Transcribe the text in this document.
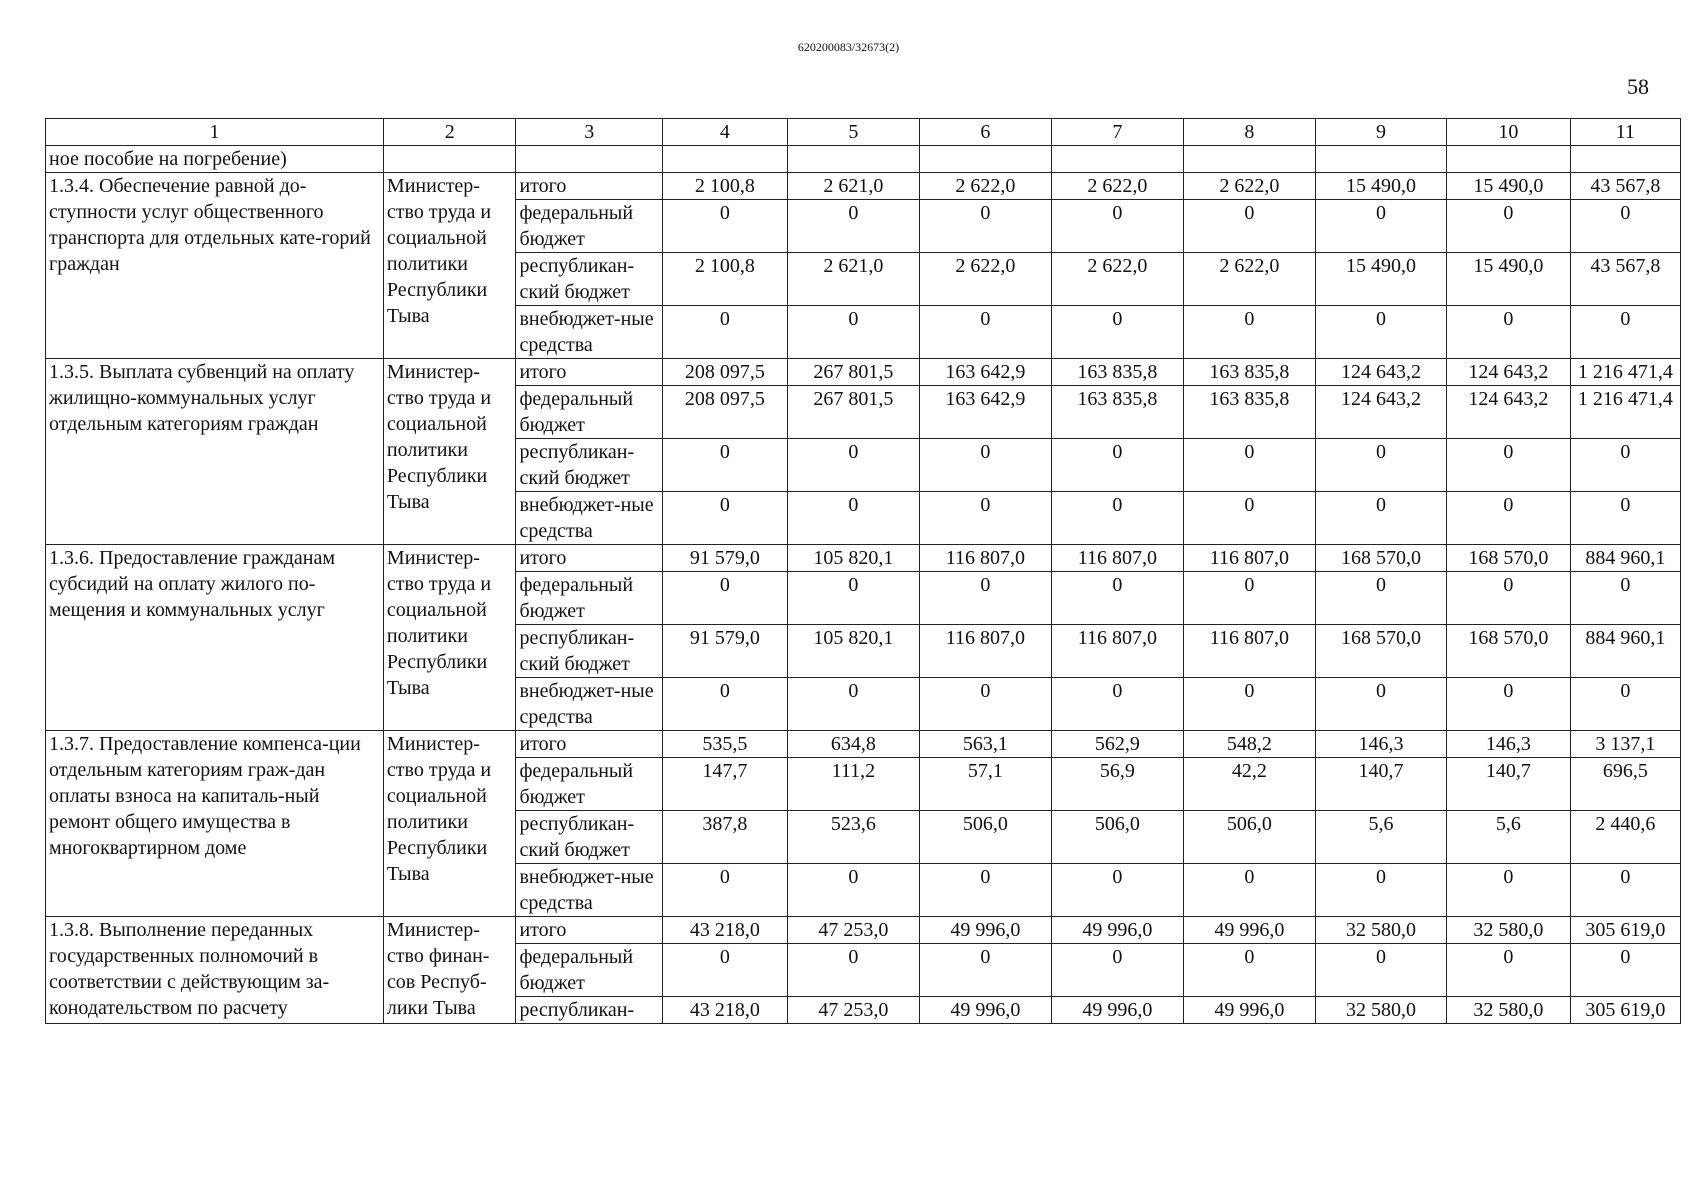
620200083/32673(2)
58
1	2	3	4	5	6	7	8	9	10	11
ное пособие на погребение)										
1.3.4. Обеспечение равной до-ступности услуг общественного транспорта для отдельных кате-горий граждан	Министер-ство труда и социальной политики Республики Тыва	итого	2 100,8	2 621,0	2 622,0	2 622,0	2 622,0	15 490,0	15 490,0	43 567,8
		федеральный бюджет	0	0	0	0	0	0	0	0
		республикан-ский бюджет	2 100,8	2 621,0	2 622,0	2 622,0	2 622,0	15 490,0	15 490,0	43 567,8
		внебюджет-ные средства	0	0	0	0	0	0	0	0
1.3.5. Выплата субвенций на оплату жилищно-коммунальных услуг отдельным категориям граждан	Министер-ство труда и социальной политики Республики Тыва	итого	208 097,5	267 801,5	163 642,9	163 835,8	163 835,8	124 643,2	124 643,2	1 216 471,4
		федеральный бюджет	208 097,5	267 801,5	163 642,9	163 835,8	163 835,8	124 643,2	124 643,2	1 216 471,4
		республикан-ский бюджет	0	0	0	0	0	0	0	0
		внебюджет-ные средства	0	0	0	0	0	0	0	0
1.3.6. Предоставление гражданам субсидий на оплату жилого по-мещения и коммунальных услуг	Министер-ство труда и социальной политики Республики Тыва	итого	91 579,0	105 820,1	116 807,0	116 807,0	116 807,0	168 570,0	168 570,0	884 960,1
		федеральный бюджет	0	0	0	0	0	0	0	0
		республикан-ский бюджет	91 579,0	105 820,1	116 807,0	116 807,0	116 807,0	168 570,0	168 570,0	884 960,1
		внебюджет-ные средства	0	0	0	0	0	0	0	0
1.3.7. Предоставление компенса-ции отдельным категориям граж-дан оплаты взноса на капиталь-ный ремонт общего имущества в многоквартирном доме	Министер-ство труда и социальной политики Республики Тыва	итого	535,5	634,8	563,1	562,9	548,2	146,3	146,3	3 137,1
		федеральный бюджет	147,7	111,2	57,1	56,9	42,2	140,7	140,7	696,5
		республикан-ский бюджет	387,8	523,6	506,0	506,0	506,0	5,6	5,6	2 440,6
		внебюджет-ные средства	0	0	0	0	0	0	0	0
1.3.8. Выполнение переданных государственных полномочий в соответствии с действующим за-конодательством по расчету	Министер-ство финан-сов Респуб-лики Тыва	итого	43 218,0	47 253,0	49 996,0	49 996,0	49 996,0	32 580,0	32 580,0	305 619,0
		федеральный бюджет	0	0	0	0	0	0	0	0
		республикан-	43 218,0	47 253,0	49 996,0	49 996,0	49 996,0	32 580,0	32 580,0	305 619,0
